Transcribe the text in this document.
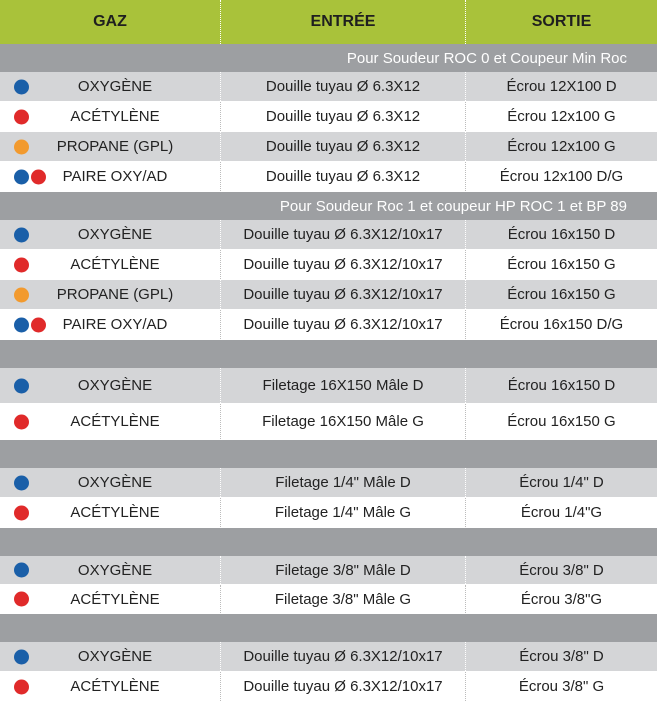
GAZ	ENTRÉE	SORTIE
Pour Soudeur ROC 0 et Coupeur Min Roc
OXYGÈNE	Douille tuyau Ø 6.3X12	Écrou 12X100 D
ACÉTYLÈNE	Douille tuyau Ø 6.3X12	Écrou 12x100 G
PROPANE (GPL)	Douille tuyau Ø 6.3X12	Écrou 12x100 G
PAIRE OXY/AD	Douille tuyau Ø 6.3X12	Écrou 12x100 D/G
Pour Soudeur Roc 1 et coupeur HP ROC 1 et BP 89
OXYGÈNE	Douille tuyau Ø 6.3X12/10x17	Écrou 16x150 D
ACÉTYLÈNE	Douille tuyau Ø 6.3X12/10x17	Écrou 16x150 G
PROPANE (GPL)	Douille tuyau Ø 6.3X12/10x17	Écrou 16x150 G
PAIRE OXY/AD	Douille tuyau Ø 6.3X12/10x17	Écrou 16x150 D/G
OXYGÈNE	Filetage 16X150 Mâle D	Écrou 16x150 D
ACÉTYLÈNE	Filetage 16X150 Mâle G	Écrou 16x150 G
OXYGÈNE	Filetage 1/4" Mâle D	Écrou 1/4" D
ACÉTYLÈNE	Filetage 1/4" Mâle G	Écrou 1/4"G
OXYGÈNE	Filetage 3/8" Mâle D	Écrou 3/8" D
ACÉTYLÈNE	Filetage 3/8" Mâle G	Écrou 3/8"G
OXYGÈNE	Douille tuyau Ø 6.3X12/10x17	Écrou 3/8" D
ACÉTYLÈNE	Douille tuyau Ø 6.3X12/10x17	Écrou 3/8" G
